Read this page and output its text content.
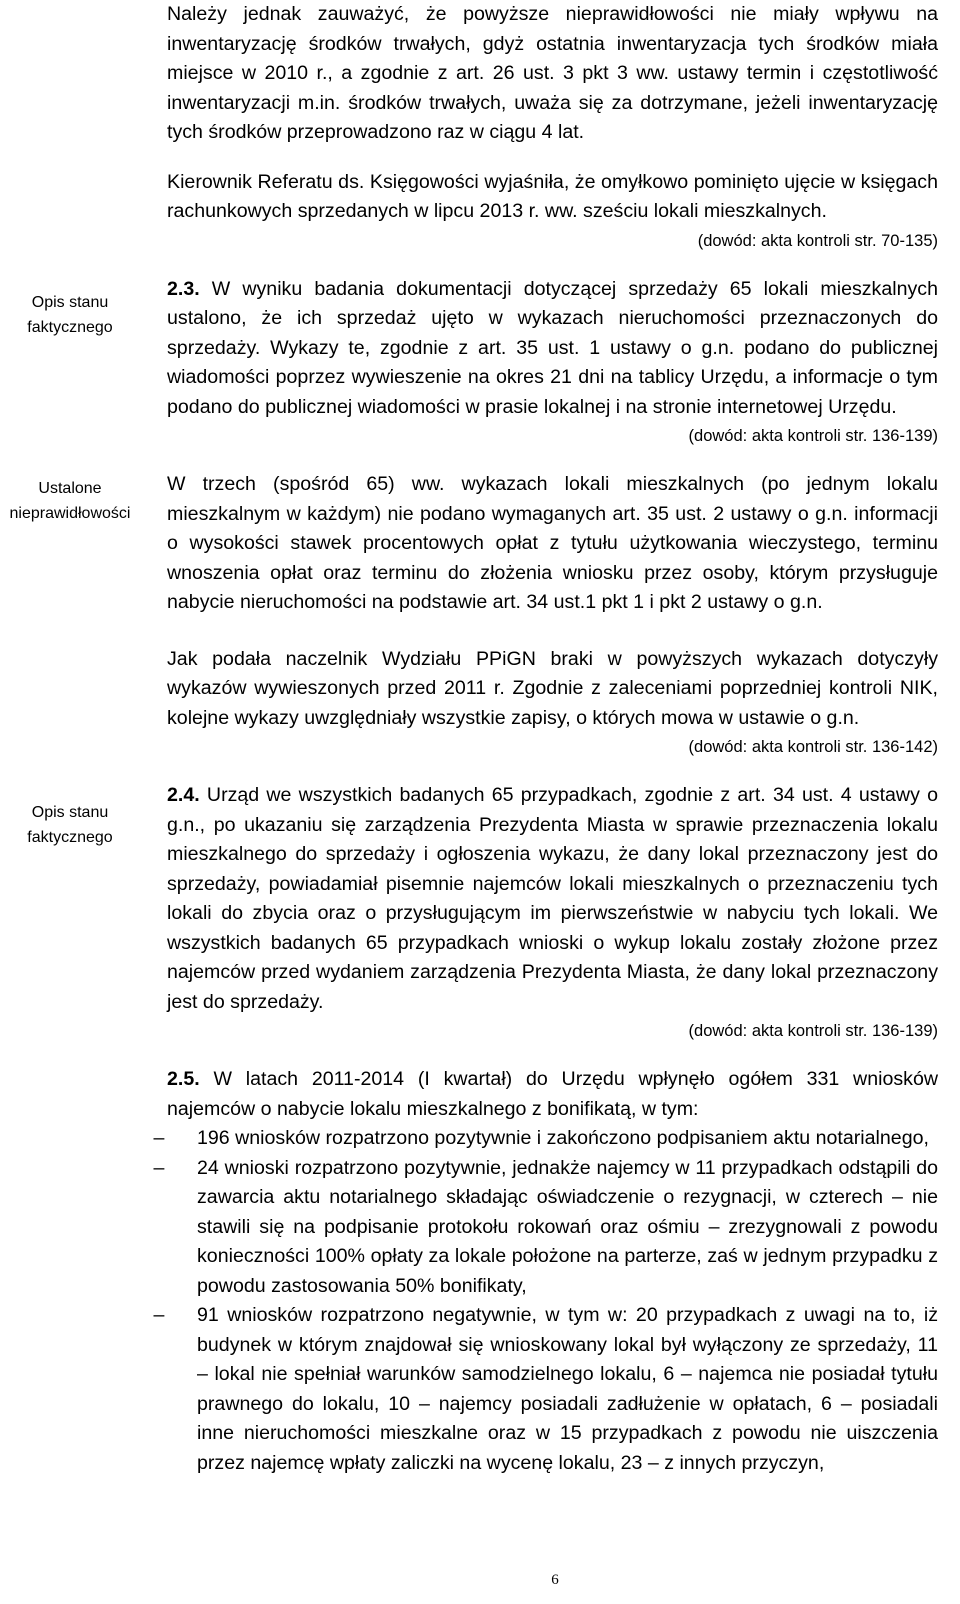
Opis stanu
faktycznego
Ustalone
nieprawidłowości
Opis stanu
faktycznego

Należy jednak zauważyć, że powyższe nieprawidłowości nie miały wpływu na inwentaryzację środków trwałych, gdyż ostatnia inwentaryzacja tych środków miała miejsce w 2010 r., a zgodnie z art. 26 ust. 3 pkt 3 ww. ustawy termin i częstotliwość inwentaryzacji m.in. środków trwałych, uważa się za dotrzymane, jeżeli inwentaryzację tych środków przeprowadzono raz w ciągu 4 lat.

Kierownik Referatu ds. Księgowości wyjaśniła, że omyłkowo pominięto ujęcie w księgach rachunkowych sprzedanych w lipcu 2013 r. ww. sześciu lokali mieszkalnych.

(dowód: akta kontroli str. 70-135)

2.3. W wyniku badania dokumentacji dotyczącej sprzedaży 65 lokali mieszkalnych ustalono, że ich sprzedaż ujęto w wykazach nieruchomości przeznaczonych do sprzedaży. Wykazy te, zgodnie z art. 35 ust. 1 ustawy o g.n. podano do publicznej wiadomości poprzez wywieszenie na okres 21 dni na tablicy Urzędu, a informacje o tym podano do publicznej wiadomości w prasie lokalnej i na stronie internetowej Urzędu.

(dowód: akta kontroli str. 136-139)

W trzech (spośród 65) ww. wykazach lokali mieszkalnych (po jednym lokalu mieszkalnym w każdym) nie podano wymaganych art. 35 ust. 2 ustawy o g.n. informacji o wysokości stawek procentowych opłat z tytułu użytkowania wieczystego, terminu wnoszenia opłat oraz terminu do złożenia wniosku przez osoby, którym przysługuje nabycie nieruchomości na podstawie art. 34 ust.1 pkt 1 i pkt 2 ustawy o g.n.

Jak podała naczelnik Wydziału PPiGN braki w powyższych wykazach dotyczyły wykazów wywieszonych przed 2011 r. Zgodnie z zaleceniami poprzedniej kontroli NIK, kolejne wykazy uwzględniały wszystkie zapisy, o których mowa w ustawie o g.n.

(dowód: akta kontroli str. 136-142)

2.4. Urząd we wszystkich badanych 65 przypadkach, zgodnie z art. 34 ust. 4 ustawy o g.n., po ukazaniu się zarządzenia Prezydenta Miasta w sprawie przeznaczenia lokalu mieszkalnego do sprzedaży i ogłoszenia wykazu, że dany lokal przeznaczony jest do sprzedaży, powiadamiał pisemnie najemców lokali mieszkalnych o przeznaczeniu tych lokali do zbycia oraz o przysługującym im pierwszeństwie w nabyciu tych lokali. We wszystkich badanych 65 przypadkach wnioski o wykup lokalu zostały złożone przez najemców przed wydaniem zarządzenia Prezydenta Miasta, że dany lokal przeznaczony jest do sprzedaży.

(dowód: akta kontroli str. 136-139)

2.5. W latach 2011-2014 (I kwartał) do Urzędu wpłynęło ogółem 331 wniosków najemców o nabycie lokalu mieszkalnego z bonifikatą, w tym:

– 196 wniosków rozpatrzono pozytywnie i zakończono podpisaniem aktu notarialnego,
– 24 wnioski rozpatrzono pozytywnie, jednakże najemcy w 11 przypadkach odstąpili do zawarcia aktu notarialnego składając oświadczenie o rezygnacji, w czterech – nie stawili się na podpisanie protokołu rokowań oraz ośmiu – zrezygnowali z powodu konieczności 100% opłaty za lokale położone na parterze, zaś w jednym przypadku z powodu zastosowania 50% bonifikaty,
– 91 wniosków rozpatrzono negatywnie, w tym w: 20 przypadkach z uwagi na to, iż budynek w którym znajdował się wnioskowany lokal był wyłączony ze sprzedaży, 11 – lokal nie spełniał warunków samodzielnego lokalu, 6 – najemca nie posiadał tytułu prawnego do lokalu, 10 – najemcy posiadali zadłużenie w opłatach, 6 – posiadali inne nieruchomości mieszkalne oraz w 15 przypadkach z powodu nie uiszczenia przez najemcę wpłaty zaliczki na wycenę lokalu, 23 – z innych przyczyn,
6
